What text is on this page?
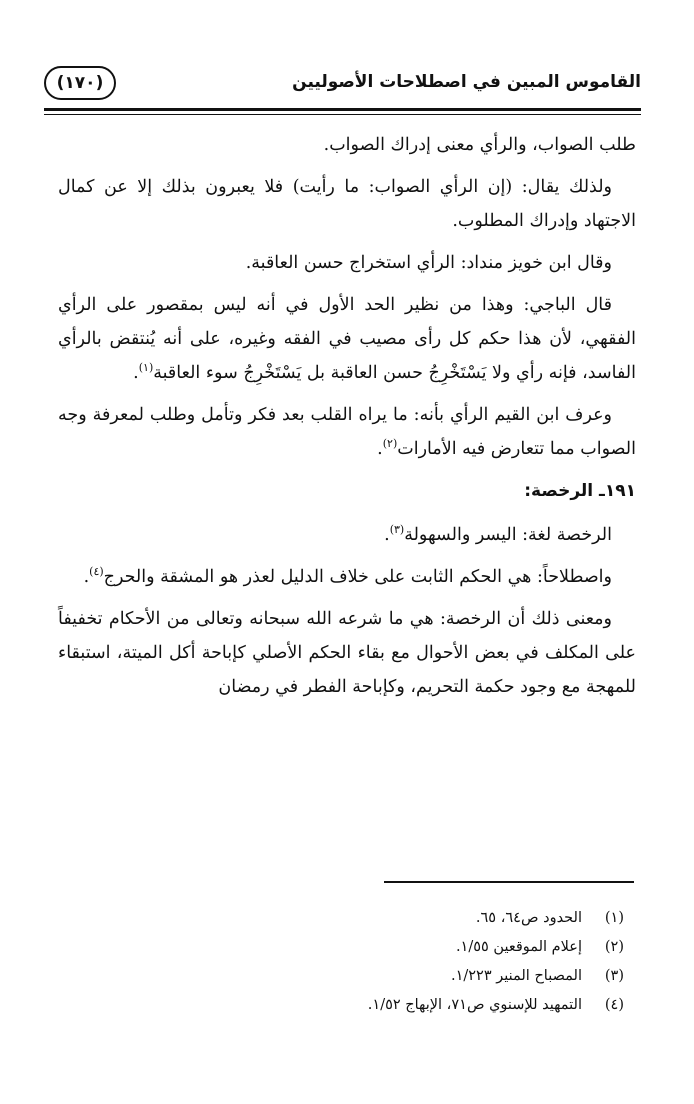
القاموس المبين في اصطلاحات الأصوليين
(١٧٠)

طلب الصواب، والرأي معنى إدراك الصواب.

ولذلك يقال: (إن الرأي الصواب: ما رأيت) فلا يعبرون بذلك إلا عن كمال الاجتهاد وإدراك المطلوب.

وقال ابن خويز منداد: الرأي استخراج حسن العاقبة.

قال الباجي: وهذا من نظير الحد الأول في أنه ليس بمقصور على الرأي الفقهي، لأن هذا حكم كل رأى مصيب في الفقه وغيره، على أنه يُنتقض بالرأي الفاسد، فإنه رأي ولا يَسْتَخْرِجُ حسن العاقبة بل يَسْتَخْرِجُ سوء العاقبة$^{(١)}$.

وعرف ابن القيم الرأي بأنه: ما يراه القلب بعد فكر وتأمل وطلب لمعرفة وجه الصواب مما تتعارض فيه الأمارات$^{(٢)}$.

١٩١ـ الرخصة:

الرخصة لغة: اليسر والسهولة$^{(٣)}$.

واصطلاحاً: هي الحكم الثابت على خلاف الدليل لعذر هو المشقة والحرج$^{(٤)}$.

ومعنى ذلك أن الرخصة: هي ما شرعه الله سبحانه وتعالى من الأحكام تخفيفاً على المكلف في بعض الأحوال مع بقاء الحكم الأصلي كإباحة أكل الميتة، استبقاء للمهجة مع وجود حكمة التحريم، وكإباحة الفطر في رمضان

(١)
الحدود ص٦٤، ٦٥.
(٢)
إعلام الموقعين ١/٥٥.
(٣)
المصباح المنير ١/٢٢٣.
(٤)
التمهيد للإسنوي ص٧١، الإبهاج ١/٥٢.
